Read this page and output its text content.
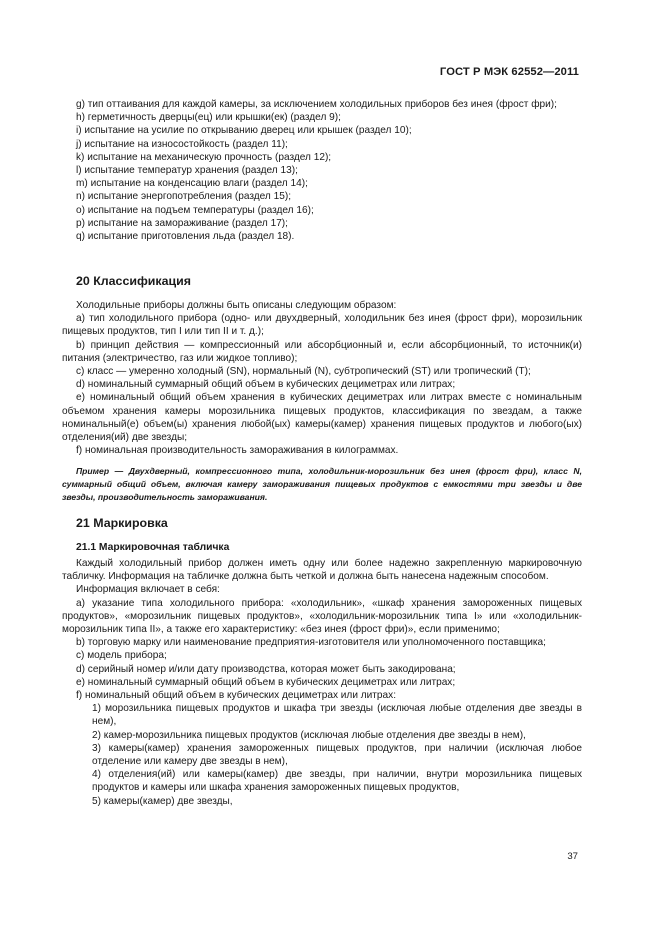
ГОСТ Р МЭК 62552—2011

g) тип оттаивания для каждой камеры, за исключением холодильных приборов без инея (фрост фри);

h) герметичность дверцы(ец) или крышки(ек) (раздел 9);

i) испытание на усилие по открыванию дверец или крышек (раздел 10);

j) испытание на износостойкость (раздел 11);

k) испытание на механическую прочность (раздел 12);

l) испытание температур хранения (раздел 13);

m) испытание на конденсацию влаги (раздел 14);

n) испытание энергопотребления (раздел 15);

o) испытание на подъем температуры (раздел 16);

p) испытание на замораживание (раздел 17);

q) испытание приготовления льда (раздел 18).

20 Классификация

Холодильные приборы должны быть описаны следующим образом:

a) тип холодильного прибора (одно- или двухдверный, холодильник без инея (фрост фри), морозильник пищевых продуктов, тип I или тип II и т. д.);

b) принцип действия — компрессионный или абсорбционный и, если абсорбционный, то источник(и) питания (электричество, газ или жидкое топливо);

c) класс — умеренно холодный (SN), нормальный (N), субтропический (ST) или тропический (T);

d) номинальный суммарный общий объем в кубических дециметрах или литрах;

e) номинальный общий объем хранения в кубических дециметрах или литрах вместе с номинальным объемом хранения камеры морозильника пищевых продуктов, классификация по звездам, а также номинальный(е) объем(ы) хранения любой(ых) камеры(камер) хранения пищевых продуктов и любого(ых) отделения(ий) две звезды;

f) номинальная производительность замораживания в килограммах.

Пример — Двухдверный, компрессионного типа, холодильник-морозильник без инея (фрост фри), класс N, суммарный общий объем, включая камеру замораживания пищевых продуктов с емкостями три звезды и две звезды, производительность замораживания.
21 Маркировка
21.1 Маркировочная табличка

Каждый холодильный прибор должен иметь одну или более надежно закрепленную маркировочную табличку. Информация на табличке должна быть четкой и должна быть нанесена надежным способом.

Информация включает в себя:

a) указание типа холодильного прибора: «холодильник», «шкаф хранения замороженных пищевых продуктов», «морозильник пищевых продуктов», «холодильник-морозильник типа I» или «холодильник-морозильник типа II», а также его характеристику: «без инея (фрост фри)», если применимо;

b) торговую марку или наименование предприятия-изготовителя или уполномоченного поставщика;

c) модель прибора;

d) серийный номер и/или дату производства, которая может быть закодирована;

e) номинальный суммарный общий объем в кубических дециметрах или литрах;

f) номинальный общий объем в кубических дециметрах или литрах:

1) морозильника пищевых продуктов и шкафа три звезды (исключая любые отделения две звезды в нем),

2) камер-морозильника пищевых продуктов (исключая любые отделения две звезды в нем),

3) камеры(камер) хранения замороженных пищевых продуктов, при наличии (исключая любое отделение или камеру две звезды в нем),

4) отделения(ий) или камеры(камер) две звезды, при наличии, внутри морозильника пищевых продуктов и камеры или шкафа хранения замороженных пищевых продуктов,

5) камеры(камер) две звезды,

37
